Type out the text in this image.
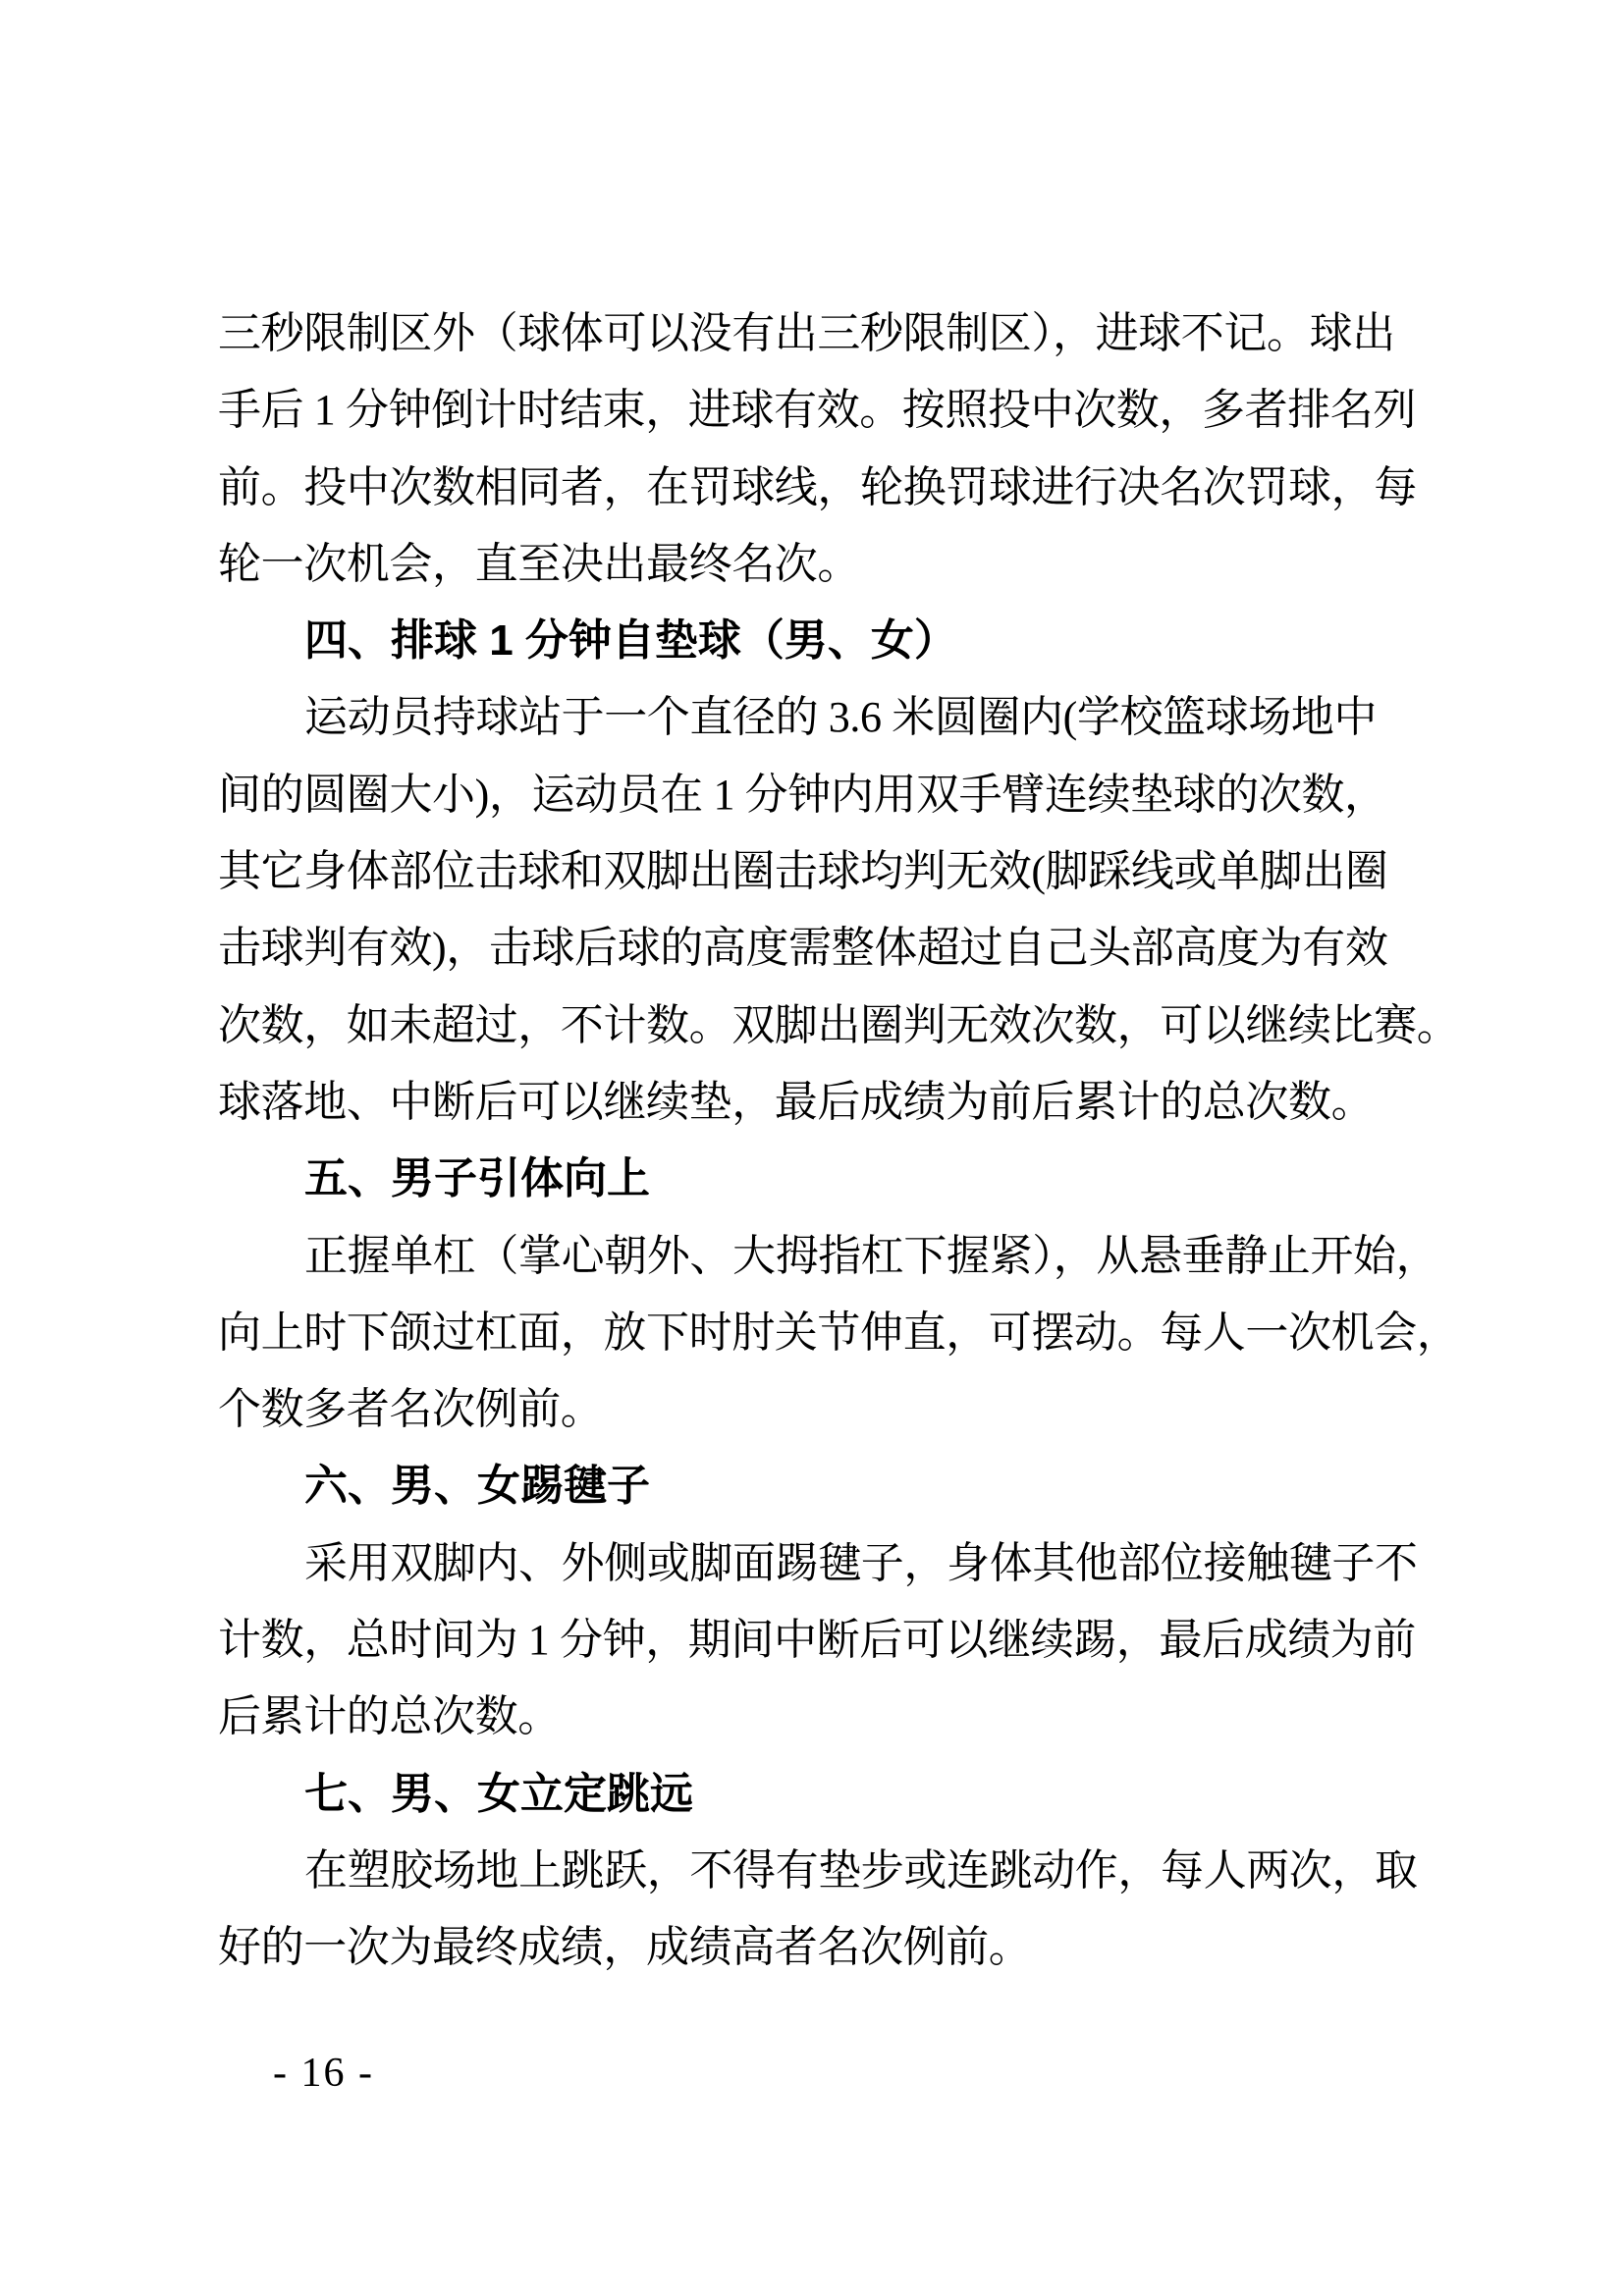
三秒限制区外（球体可以没有出三秒限制区），进球不记。球出
手后 1 分钟倒计时结束，进球有效。按照投中次数，多者排名列
前。投中次数相同者，在罚球线，轮换罚球进行决名次罚球，每
轮一次机会，直至决出最终名次。
四、排球 1 分钟自垫球（男、女）
运动员持球站于一个直径的 3.6 米圆圈内(学校篮球场地中
间的圆圈大小)，运动员在 1 分钟内用双手臂连续垫球的次数，
其它身体部位击球和双脚出圈击球均判无效(脚踩线或单脚出圈
击球判有效)，击球后球的高度需整体超过自己头部高度为有效
次数，如未超过，不计数。双脚出圈判无效次数，可以继续比赛。
球落地、中断后可以继续垫，最后成绩为前后累计的总次数。
五、男子引体向上
正握单杠（掌心朝外、大拇指杠下握紧），从悬垂静止开始，
向上时下颌过杠面，放下时肘关节伸直，可摆动。每人一次机会，
个数多者名次例前。
六、男、女踢毽子
采用双脚内、外侧或脚面踢毽子，身体其他部位接触毽子不
计数，总时间为 1 分钟，期间中断后可以继续踢，最后成绩为前
后累计的总次数。
七、男、女立定跳远
在塑胶场地上跳跃，不得有垫步或连跳动作，每人两次，取
好的一次为最终成绩，成绩高者名次例前。
- 16 -
